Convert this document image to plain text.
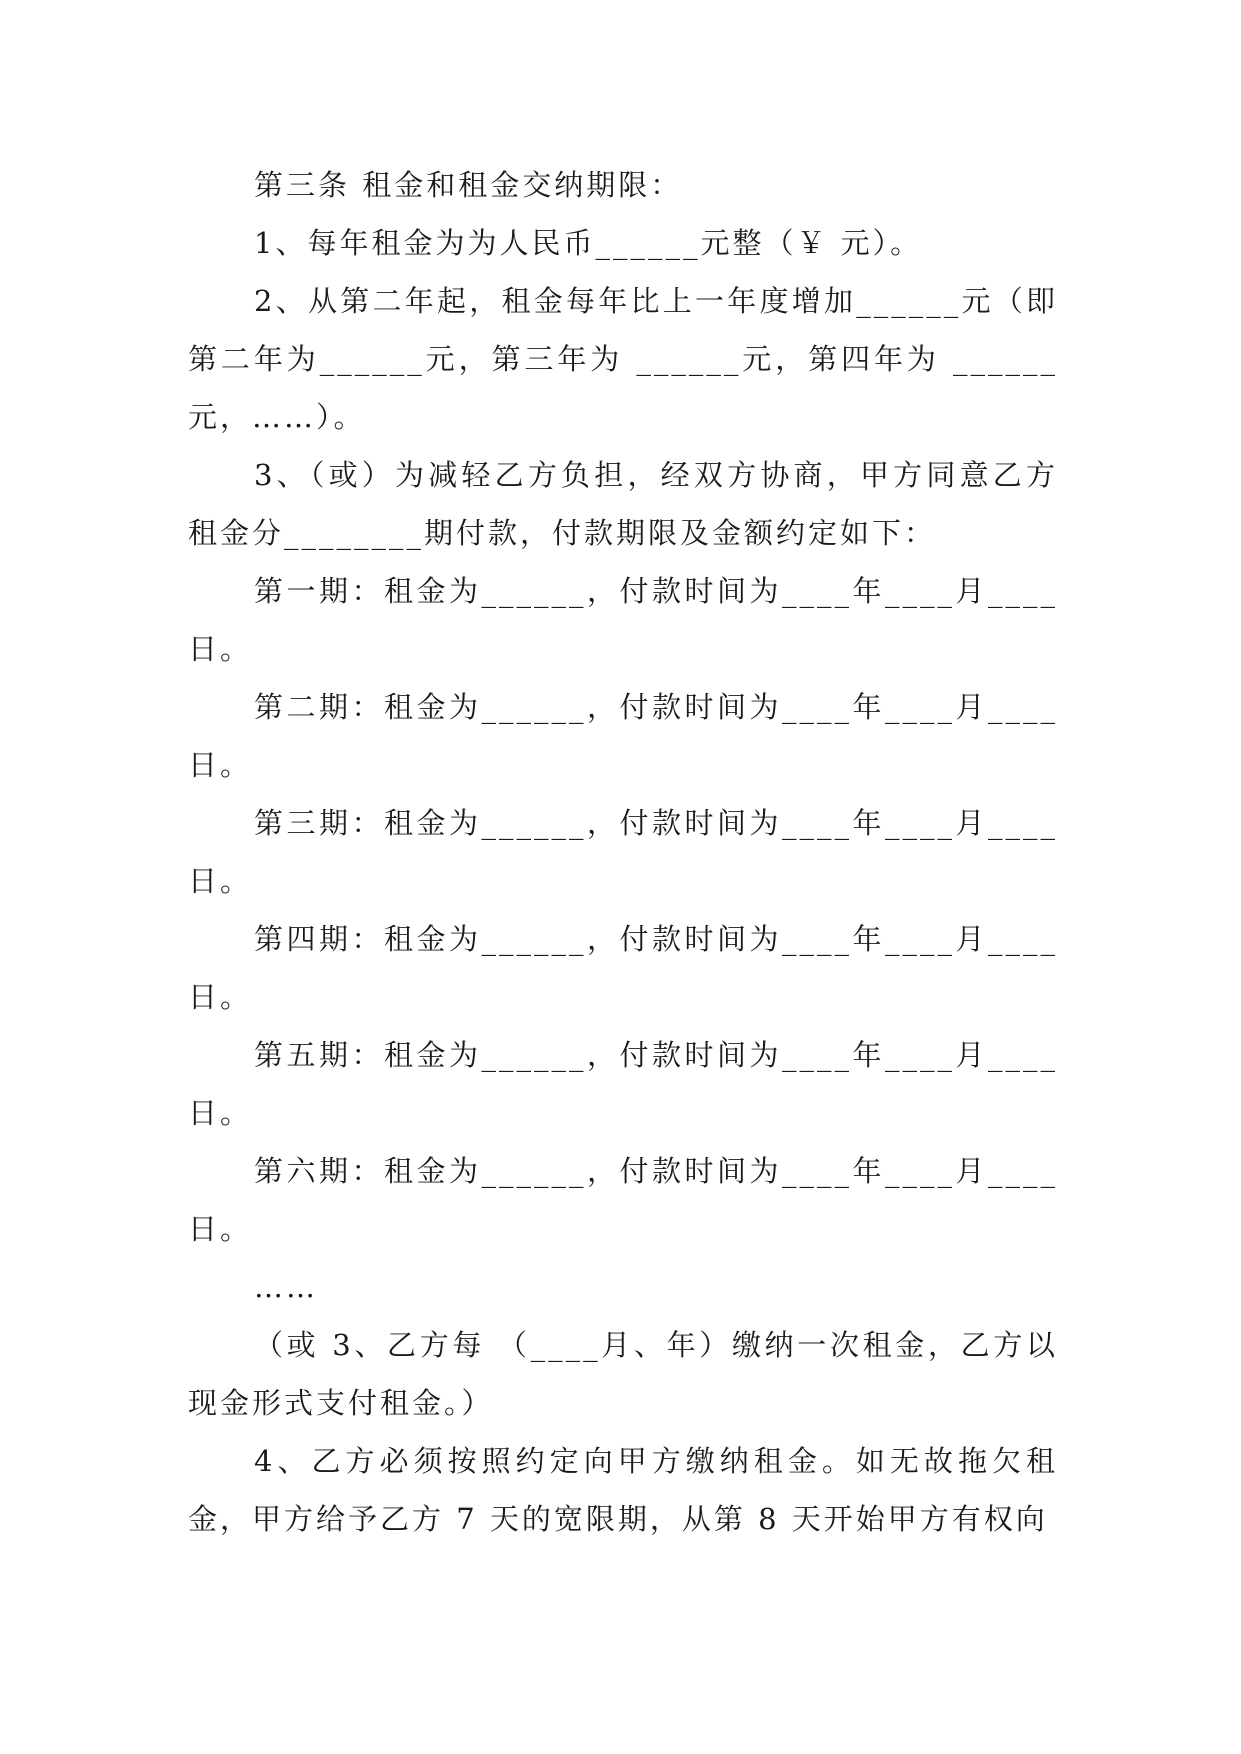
第三条 租金和租金交纳期限：

1、每年租金为为人民币______元整（￥ 元）。

2、从第二年起，租金每年比上一年度增加______元（即第二年为______元，第三年为 ______元，第四年为 ______元，……）。

3、（或）为减轻乙方负担，经双方协商，甲方同意乙方租金分________期付款，付款期限及金额约定如下：

第一期：租金为______，付款时间为____年____月____日。

第二期：租金为______，付款时间为____年____月____日。

第三期：租金为______，付款时间为____年____月____日。

第四期：租金为______，付款时间为____年____月____日。

第五期：租金为______，付款时间为____年____月____日。

第六期：租金为______，付款时间为____年____月____日。

……

（或 3、乙方每 （____月、年）缴纳一次租金，乙方以现金形式支付租金。）

4、乙方必须按照约定向甲方缴纳租金。如无故拖欠租金，甲方给予乙方 7 天的宽限期，从第 8 天开始甲方有权向
